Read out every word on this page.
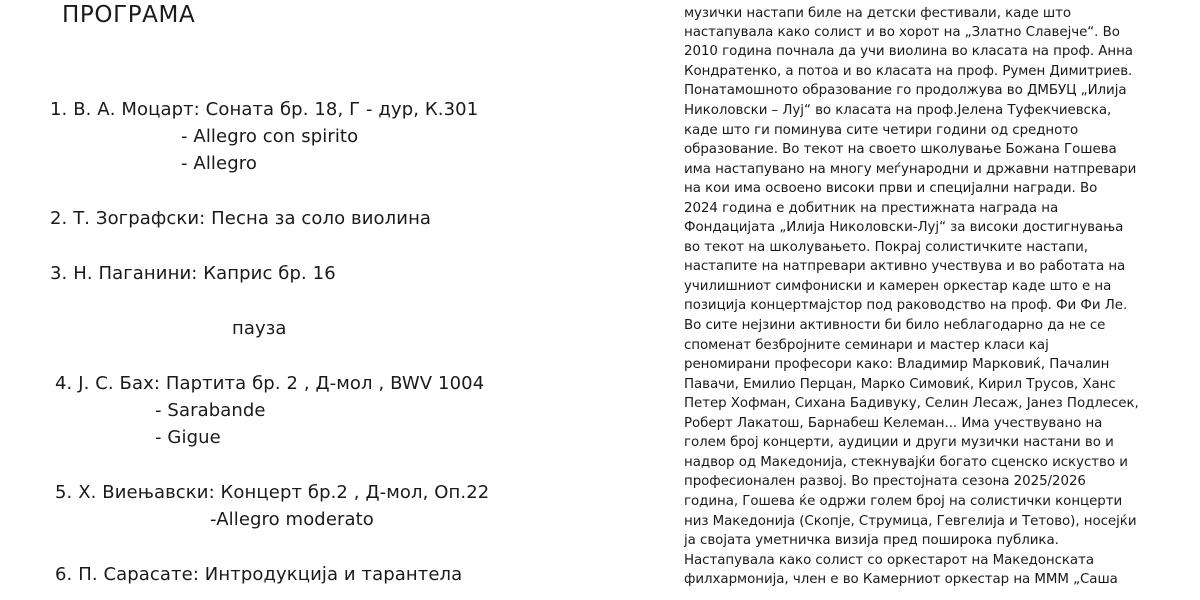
ПРОГРАМА
1. В. А. Моцарт: Соната бр. 18, Г - дур, К.301
- Allegro con spirito
- Allegro
2. Т. Зографски: Песна за соло виолина
3. Н. Паганини: Каприс бр. 16
пауза
4. J. С. Бах: Партита бр. 2 , Д-мол , BWV 1004
- Sarabande
- Gigue
5. Х. Виењавски: Концерт бр.2 , Д-мол, Оп.22
-Allegro moderato
6. П. Сарасате: Интродукција и тарантела
музички настапи биле на детски фестивали, каде што
настапувала како солист и во хорот на „Златно Славејче“. Во
2010 година почнала да учи виолина во класата на проф. Анна
Кондратенко, а потоа и во класата на проф. Румен Димитриев.
Понатамошното образование го продолжува во ДМБУЦ „Илија
Николовски – Луј“ во класата на проф.Јелена Туфекчиевска,
каде што ги поминува сите четири години од средното
образование. Во текот на своето школување Божана Гошева
има настапувано на многу меѓународни и државни натпревари
на кои има освоено високи први и специјални награди. Во
2024 година е добитник на престижната награда на
Фондацијата „Илија Николовски-Луј“ за високи достигнувања
во текот на школувањето. Покрај солистичките настапи,
настапите на натпревари активно учествува и во работата на
училишниот симфониски и камерен оркестар каде што е на
позиција концертмајстор под раководство на проф. Фи Фи Ле.
Во сите нејзини активности би било неблагодарно да не се
споменат безбројните семинари и мастер класи кај
реномирани професори како: Владимир Марковиќ, Пачалин
Павачи, Емилио Перцан, Марко Симовиќ, Кирил Трусов, Ханс
Петер Хофман, Сихана Бадивуку, Селин Лесаж, Јанез Подлесек,
Роберт Лакатош, Барнабеш Келеман... Има учествувано на
голем број концерти, аудиции и други музички настани во и
надвор од Македонија, стекнувајќи богато сценско искуство и
професионален развој. Во престојната сезона 2025/2026
година, Гошева ќе одржи голем број на солистички концерти
низ Македонија (Скопје, Струмица, Гевгелија и Тетово), носејќи
ја својата уметничка визија пред поширока публика.
Настапувала како солист со оркестарот на Македонската
филхармонија, член е во Камерниот оркестар на МММ „Саша
